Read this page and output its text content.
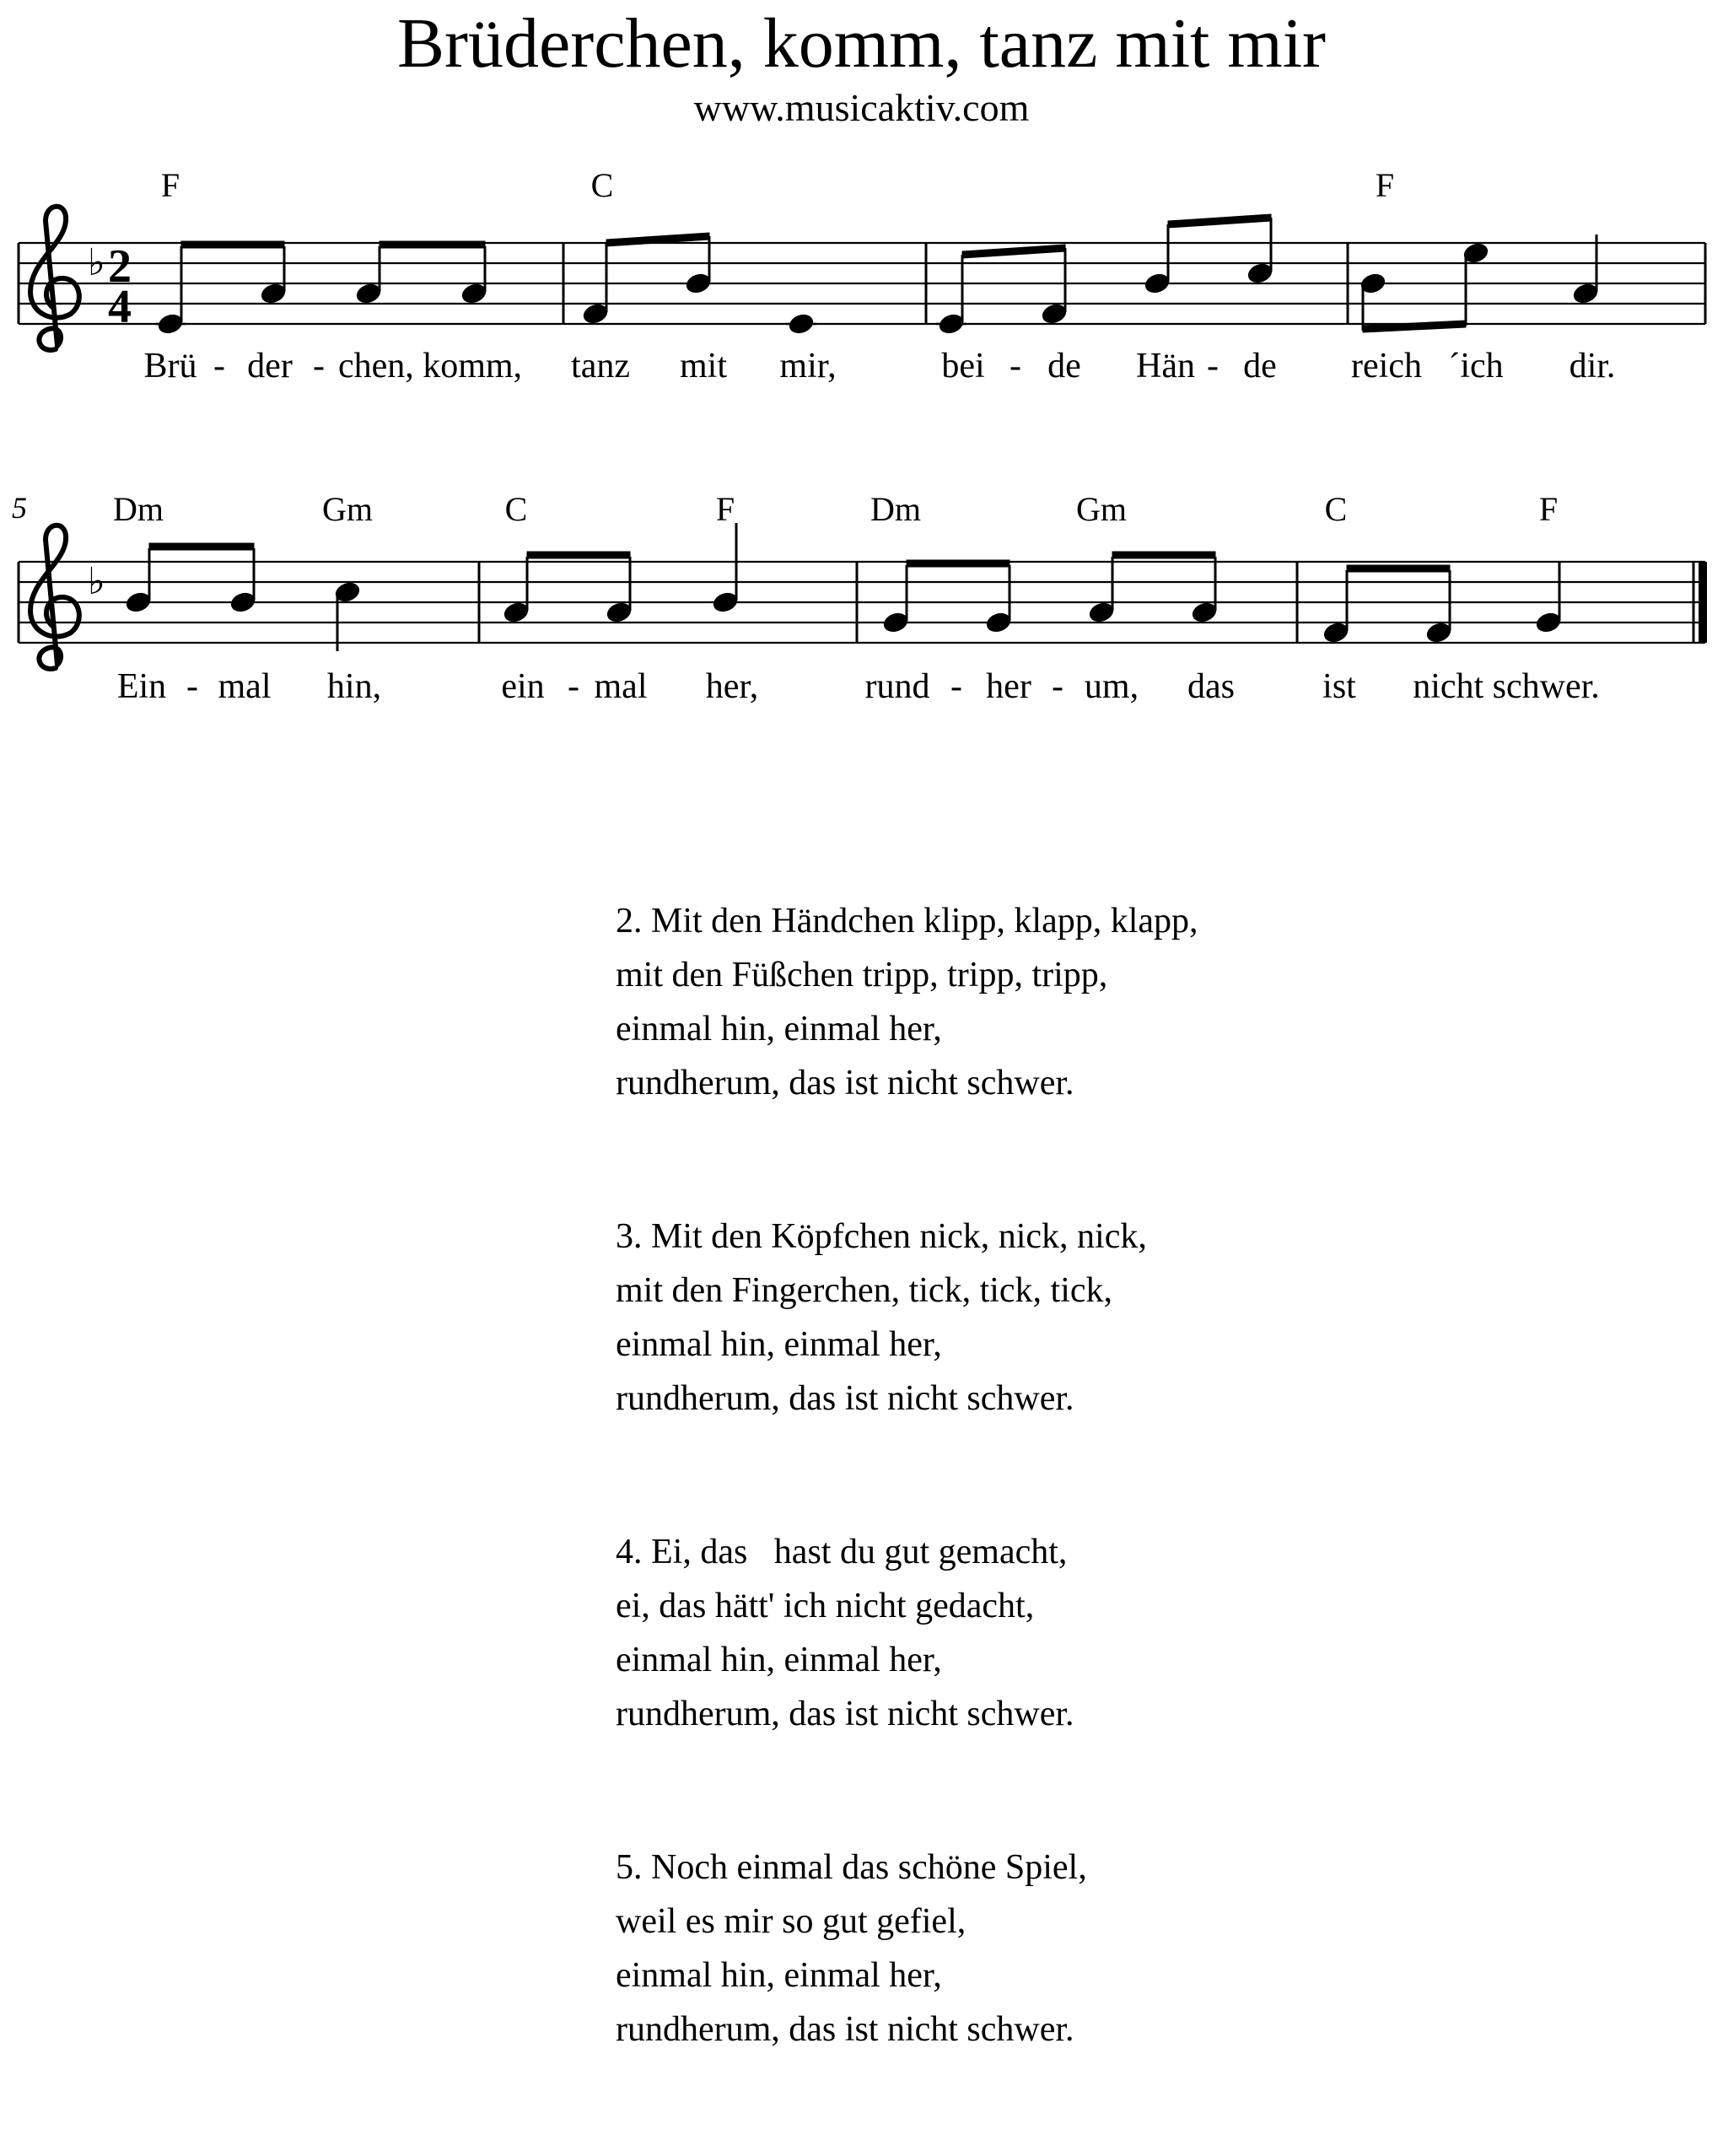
Brüderchen, komm, tanz mit mir
www.musicaktiv.com
F	C	F
♭ 2
4
Brü - der - chen, komm, tanz mit mir,	bei - de Hän - de reich ´ich dir.
5	Dm	Gm	C	F	Dm	Gm	C	F
♭
Ein - mal hin,	ein - mal her,	rund - her - um, das ist nicht schwer.
2. Mit den Händchen klipp, klapp, klapp,
mit den Füßchen tripp, tripp, tripp,
einmal hin, einmal her,
rundherum, das ist nicht schwer.
3. Mit den Köpfchen nick, nick, nick,
mit den Fingerchen, tick, tick, tick,
einmal hin, einmal her,
rundherum, das ist nicht schwer.
4. Ei, das   hast du gut gemacht,
ei, das hätt' ich nicht gedacht,
einmal hin, einmal her,
rundherum, das ist nicht schwer.
5. Noch einmal das schöne Spiel,
weil es mir so gut gefiel,
einmal hin, einmal her,
rundherum, das ist nicht schwer.
